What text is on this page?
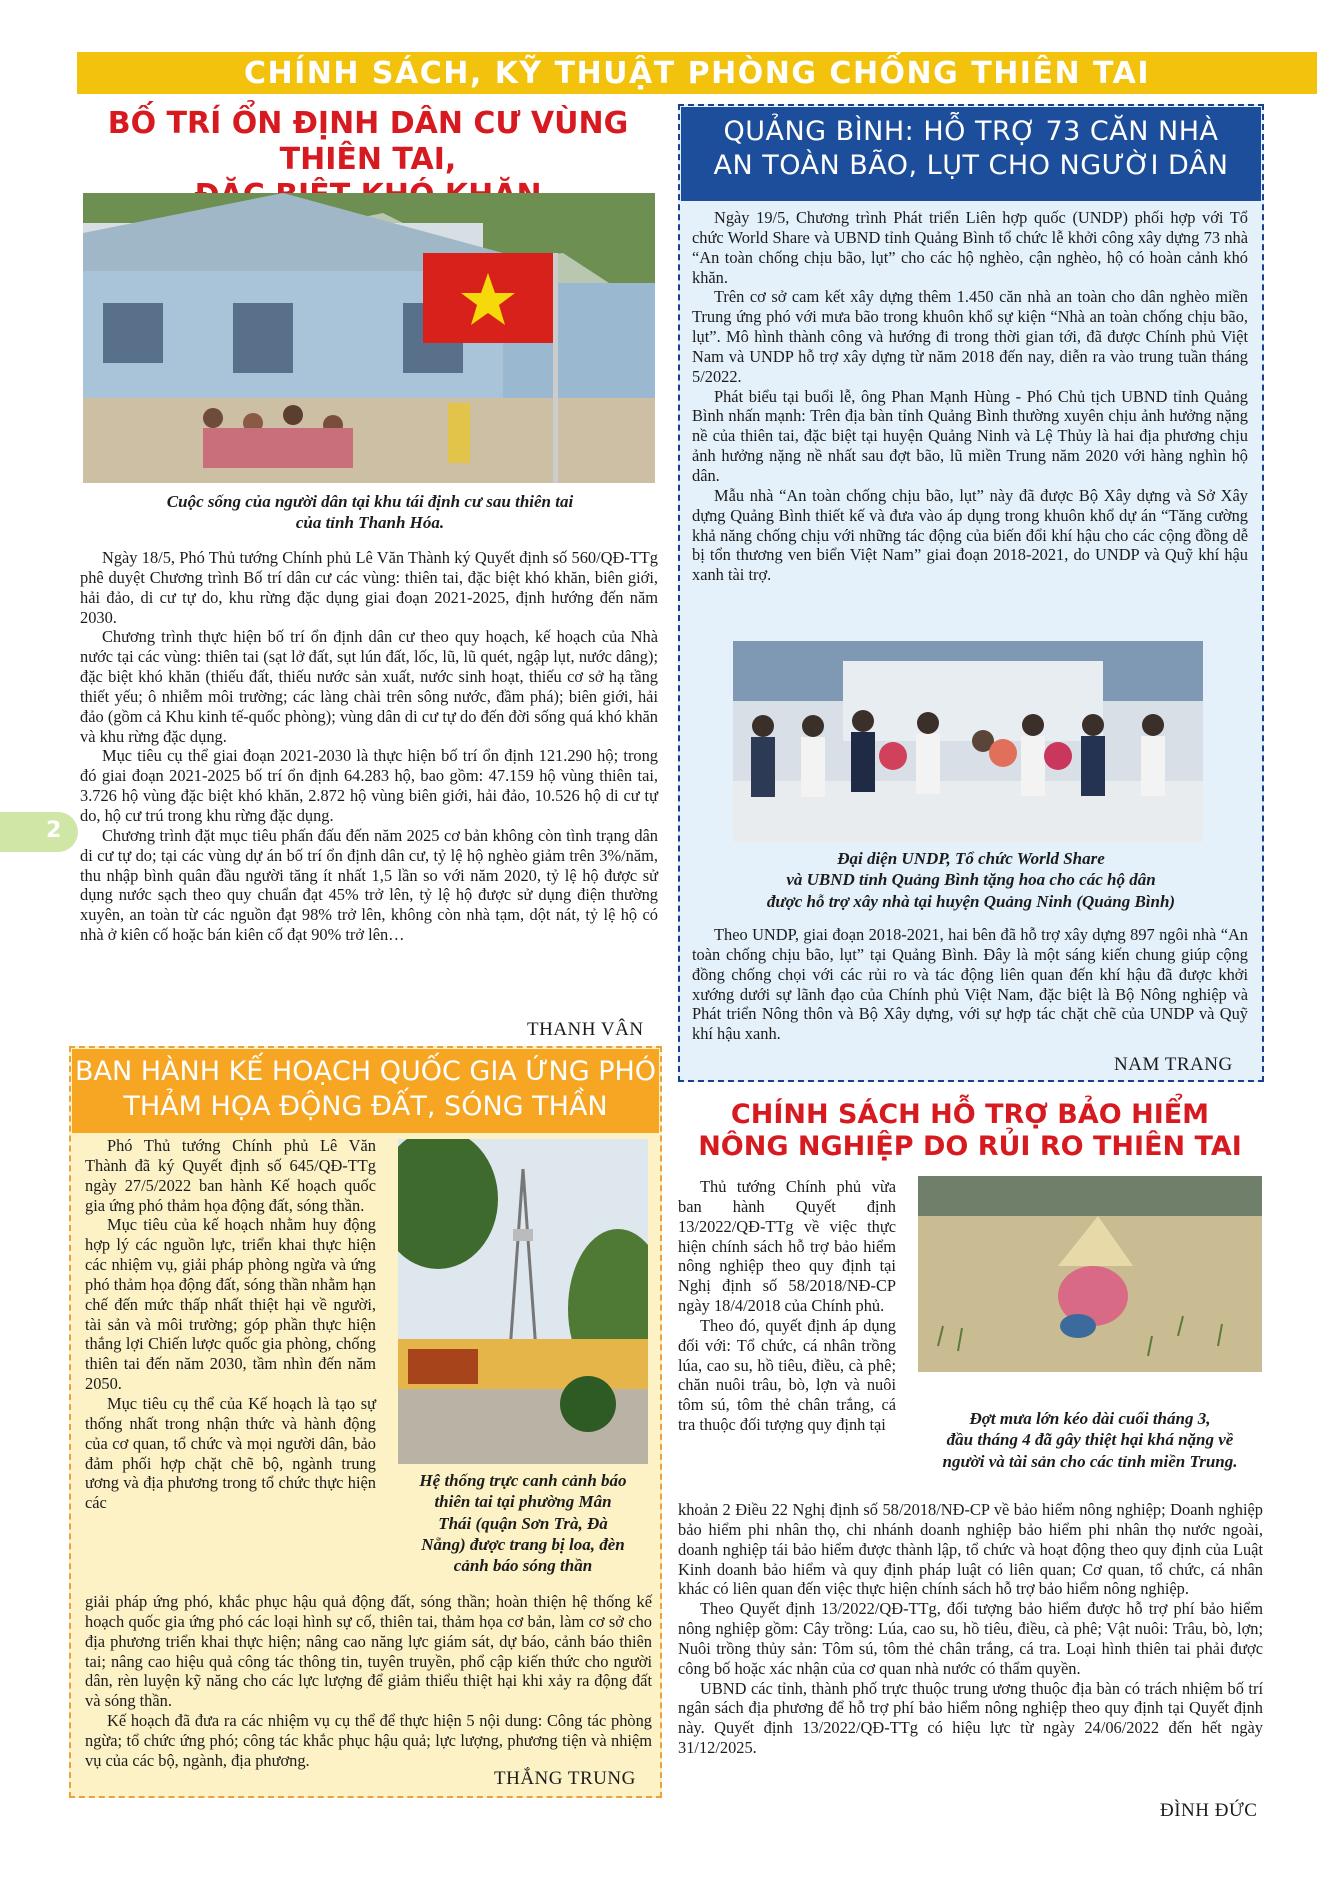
CHÍNH SÁCH, KỸ THUẬT PHÒNG CHỐNG THIÊN TAI
2
BỐ TRÍ ỔN ĐỊNH DÂN CƯ VÙNG THIÊN TAI,
Cuộc sống của người dân tại khu tái định cư sau thiên tai
của tỉnh Thanh Hóa.

Ngày 18/5, Phó Thủ tướng Chính phủ Lê Văn Thành ký Quyết định số 560/QĐ-TTg phê duyệt Chương trình Bố trí dân cư các vùng: thiên tai, đặc biệt khó khăn, biên giới, hải đảo, di cư tự do, khu rừng đặc dụng giai đoạn 2021-2025, định hướng đến năm 2030.

Chương trình thực hiện bố trí ổn định dân cư theo quy hoạch, kế hoạch của Nhà nước tại các vùng: thiên tai (sạt lở đất, sụt lún đất, lốc, lũ, lũ quét, ngập lụt, nước dâng); đặc biệt khó khăn (thiếu đất, thiếu nước sản xuất, nước sinh hoạt, thiếu cơ sở hạ tầng thiết yếu; ô nhiễm môi trường; các làng chài trên sông nước, đầm phá); biên giới, hải đảo (gồm cả Khu kinh tế-quốc phòng); vùng dân di cư tự do đến đời sống quá khó khăn và khu rừng đặc dụng.

Mục tiêu cụ thể giai đoạn 2021-2030 là thực hiện bố trí ổn định 121.290 hộ; trong đó giai đoạn 2021-2025 bố trí ổn định 64.283 hộ, bao gồm: 47.159 hộ vùng thiên tai, 3.726 hộ vùng đặc biệt khó khăn, 2.872 hộ vùng biên giới, hải đảo, 10.526 hộ di cư tự do, hộ cư trú trong khu rừng đặc dụng.

Chương trình đặt mục tiêu phấn đấu đến năm 2025 cơ bản không còn tình trạng dân di cư tự do; tại các vùng dự án bố trí ổn định dân cư, tỷ lệ hộ nghèo giảm trên 3%/năm, thu nhập bình quân đầu người tăng ít nhất 1,5 lần so với năm 2020, tỷ lệ hộ được sử dụng nước sạch theo quy chuẩn đạt 45% trở lên, tỷ lệ hộ được sử dụng điện thường xuyên, an toàn từ các nguồn đạt 98% trở lên, không còn nhà tạm, dột nát, tỷ lệ hộ có nhà ở kiên cố hoặc bán kiên cố đạt 90% trở lên…

THANH VÂN
QUẢNG BÌNH: HỖ TRỢ 73 CĂN NHÀ
AN TOÀN BÃO, LỤT CHO NGƯỜI DÂN

Ngày 19/5, Chương trình Phát triển Liên hợp quốc (UNDP) phối hợp với Tổ chức World Share và UBND tỉnh Quảng Bình tổ chức lễ khởi công xây dựng 73 nhà “An toàn chống chịu bão, lụt” cho các hộ nghèo, cận nghèo, hộ có hoàn cảnh khó khăn.

Trên cơ sở cam kết xây dựng thêm 1.450 căn nhà an toàn cho dân nghèo miền Trung ứng phó với mưa bão trong khuôn khổ sự kiện “Nhà an toàn chống chịu bão, lụt”. Mô hình thành công và hướng đi trong thời gian tới, đã được Chính phủ Việt Nam và UNDP hỗ trợ xây dựng từ năm 2018 đến nay, diễn ra vào trung tuần tháng 5/2022.

Phát biểu tại buổi lễ, ông Phan Mạnh Hùng - Phó Chủ tịch UBND tỉnh Quảng Bình nhấn mạnh: Trên địa bàn tỉnh Quảng Bình thường xuyên chịu ảnh hưởng nặng nề của thiên tai, đặc biệt tại huyện Quảng Ninh và Lệ Thủy là hai địa phương chịu ảnh hưởng nặng nề nhất sau đợt bão, lũ miền Trung năm 2020 với hàng nghìn hộ dân.

Mẫu nhà “An toàn chống chịu bão, lụt” này đã được Bộ Xây dựng và Sở Xây dựng Quảng Bình thiết kế và đưa vào áp dụng trong khuôn khổ dự án “Tăng cường khả năng chống chịu với những tác động của biến đổi khí hậu cho các cộng đồng dễ bị tổn thương ven biển Việt Nam” giai đoạn 2018-2021, do UNDP và Quỹ khí hậu xanh tài trợ.

Đại diện UNDP, Tổ chức World Share
và UBND tỉnh Quảng Bình tặng hoa cho các hộ dân
được hỗ trợ xây nhà tại huyện Quảng Ninh (Quảng Bình)

Theo UNDP, giai đoạn 2018-2021, hai bên đã hỗ trợ xây dựng 897 ngôi nhà “An toàn chống chịu bão, lụt” tại Quảng Bình. Đây là một sáng kiến chung giúp cộng đồng chống chọi với các rủi ro và tác động liên quan đến khí hậu đã được khởi xướng dưới sự lãnh đạo của Chính phủ Việt Nam, đặc biệt là Bộ Nông nghiệp và Phát triển Nông thôn và Bộ Xây dựng, với sự hợp tác chặt chẽ của UNDP và Quỹ khí hậu xanh.

NAM TRANG
BAN HÀNH KẾ HOẠCH QUỐC GIA ỨNG PHÓ
THẢM HỌA ĐỘNG ĐẤT, SÓNG THẦN

Phó Thủ tướng Chính phủ Lê Văn Thành đã ký Quyết định số 645/QĐ-TTg ngày 27/5/2022 ban hành Kế hoạch quốc gia ứng phó thảm họa động đất, sóng thần.

Mục tiêu của kế hoạch nhằm huy động hợp lý các nguồn lực, triển khai thực hiện các nhiệm vụ, giải pháp phòng ngừa và ứng phó thảm họa động đất, sóng thần nhằm hạn chế đến mức thấp nhất thiệt hại về người, tài sản và môi trường; góp phần thực hiện thắng lợi Chiến lược quốc gia phòng, chống thiên tai đến năm 2030, tầm nhìn đến năm 2050.

Mục tiêu cụ thể của Kế hoạch là tạo sự thống nhất trong nhận thức và hành động của cơ quan, tổ chức và mọi người dân, bảo đảm phối hợp chặt chẽ bộ, ngành trung ương và địa phương trong tổ chức thực hiện các

Hệ thống trực canh cảnh báo
thiên tai tại phường Mân
Thái (quận Sơn Trà, Đà
Nẵng) được trang bị loa, đèn
cảnh báo sóng thần

giải pháp ứng phó, khắc phục hậu quả động đất, sóng thần; hoàn thiện hệ thống kế hoạch quốc gia ứng phó các loại hình sự cố, thiên tai, thảm họa cơ bản, làm cơ sở cho địa phương triển khai thực hiện; nâng cao năng lực giám sát, dự báo, cảnh báo thiên tai; nâng cao hiệu quả công tác thông tin, tuyên truyền, phổ cập kiến thức cho người dân, rèn luyện kỹ năng cho các lực lượng để giảm thiểu thiệt hại khi xảy ra động đất và sóng thần.

Kế hoạch đã đưa ra các nhiệm vụ cụ thể để thực hiện 5 nội dung: Công tác phòng ngừa; tổ chức ứng phó; công tác khắc phục hậu quả; lực lượng, phương tiện và nhiệm vụ của các bộ, ngành, địa phương.

THẮNG TRUNG
CHÍNH SÁCH HỖ TRỢ BẢO HIỂM
NÔNG NGHIỆP DO RỦI RO THIÊN TAI

Thủ tướng Chính phủ vừa ban hành Quyết định 13/2022/QĐ-TTg về việc thực hiện chính sách hỗ trợ bảo hiểm nông nghiệp theo quy định tại Nghị định số 58/2018/NĐ-CP ngày 18/4/2018 của Chính phủ.

Theo đó, quyết định áp dụng đối với: Tổ chức, cá nhân trồng lúa, cao su, hồ tiêu, điều, cà phê; chăn nuôi trâu, bò, lợn và nuôi tôm sú, tôm thẻ chân trắng, cá tra thuộc đối tượng quy định tại	Đợt mưa lớn kéo dài cuối tháng 3,
đầu tháng 4 đã gây thiệt hại khá nặng về
người và tài sản cho các tỉnh miền Trung.

khoản 2 Điều 22 Nghị định số 58/2018/NĐ-CP về bảo hiểm nông nghiệp; Doanh nghiệp bảo hiểm phi nhân thọ, chi nhánh doanh nghiệp bảo hiểm phi nhân thọ nước ngoài, doanh nghiệp tái bảo hiểm được thành lập, tổ chức và hoạt động theo quy định của Luật Kinh doanh bảo hiểm và quy định pháp luật có liên quan; Cơ quan, tổ chức, cá nhân khác có liên quan đến việc thực hiện chính sách hỗ trợ bảo hiểm nông nghiệp.

Theo Quyết định 13/2022/QĐ-TTg, đối tượng bảo hiểm được hỗ trợ phí bảo hiểm nông nghiệp gồm: Cây trồng: Lúa, cao su, hồ tiêu, điều, cà phê; Vật nuôi: Trâu, bò, lợn; Nuôi trồng thủy sản: Tôm sú, tôm thẻ chân trắng, cá tra. Loại hình thiên tai phải được công bố hoặc xác nhận của cơ quan nhà nước có thẩm quyền.

UBND các tỉnh, thành phố trực thuộc trung ương thuộc địa bàn có trách nhiệm bố trí ngân sách địa phương để hỗ trợ phí bảo hiểm nông nghiệp theo quy định tại Quyết định này. Quyết định 13/2022/QĐ-TTg có hiệu lực từ ngày 24/06/2022 đến hết ngày 31/12/2025.

ĐÌNH ĐỨC
